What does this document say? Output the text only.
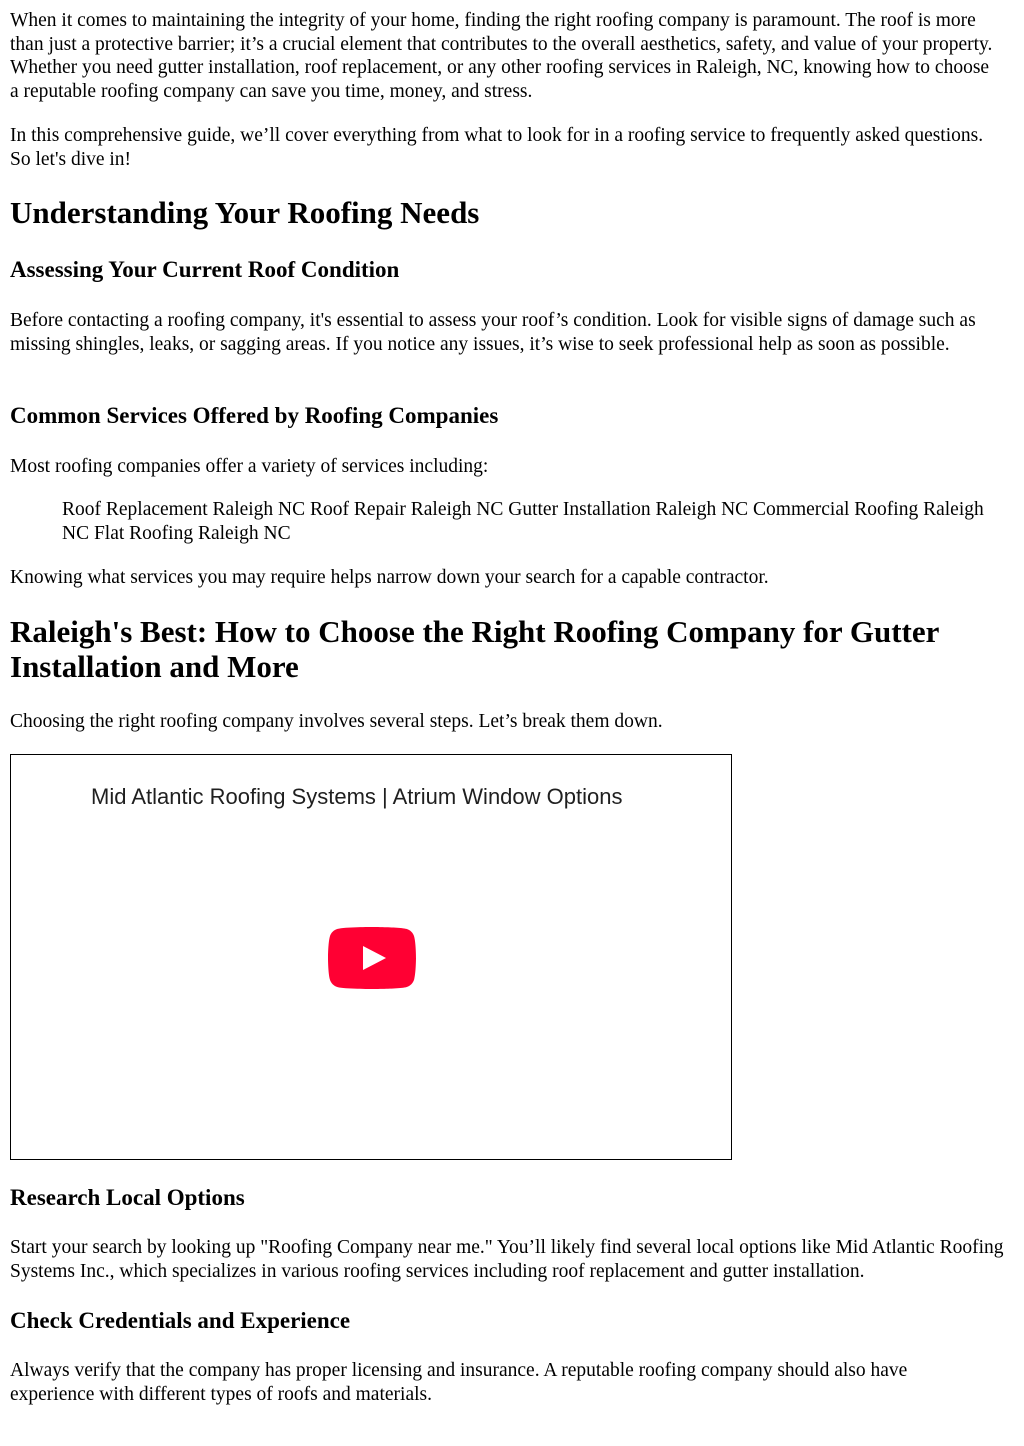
When it comes to maintaining the integrity of your home, finding the right roofing company is paramount. The roof is more than just a protective barrier; it’s a crucial element that contributes to the overall aesthetics, safety, and value of your property. Whether you need gutter installation, roof replacement, or any other roofing services in Raleigh, NC, knowing how to choose a reputable roofing company can save you time, money, and stress.

In this comprehensive guide, we’ll cover everything from what to look for in a roofing service to frequently asked questions. So let's dive in!

Understanding Your Roofing Needs
Assessing Your Current Roof Condition

Before contacting a roofing company, it's essential to assess your roof’s condition. Look for visible signs of damage such as missing shingles, leaks, or sagging areas. If you notice any issues, it’s wise to seek professional help as soon as possible.

Common Services Offered by Roofing Companies

Most roofing companies offer a variety of services including:

Roof Replacement Raleigh NC Roof Repair Raleigh NC Gutter Installation Raleigh NC Commercial Roofing Raleigh NC Flat Roofing Raleigh NC

Knowing what services you may require helps narrow down your search for a capable contractor.

Raleigh's Best: How to Choose the Right Roofing Company for Gutter Installation and More

Choosing the right roofing company involves several steps. Let’s break them down.

Mid Atlantic Roofing Systems | Atrium Window Options
Research Local Options

Start your search by looking up "Roofing Company near me." You’ll likely find several local options like Mid Atlantic Roofing Systems Inc., which specializes in various roofing services including roof replacement and gutter installation.

Check Credentials and Experience

Always verify that the company has proper licensing and insurance. A reputable roofing company should also have experience with different types of roofs and materials.
